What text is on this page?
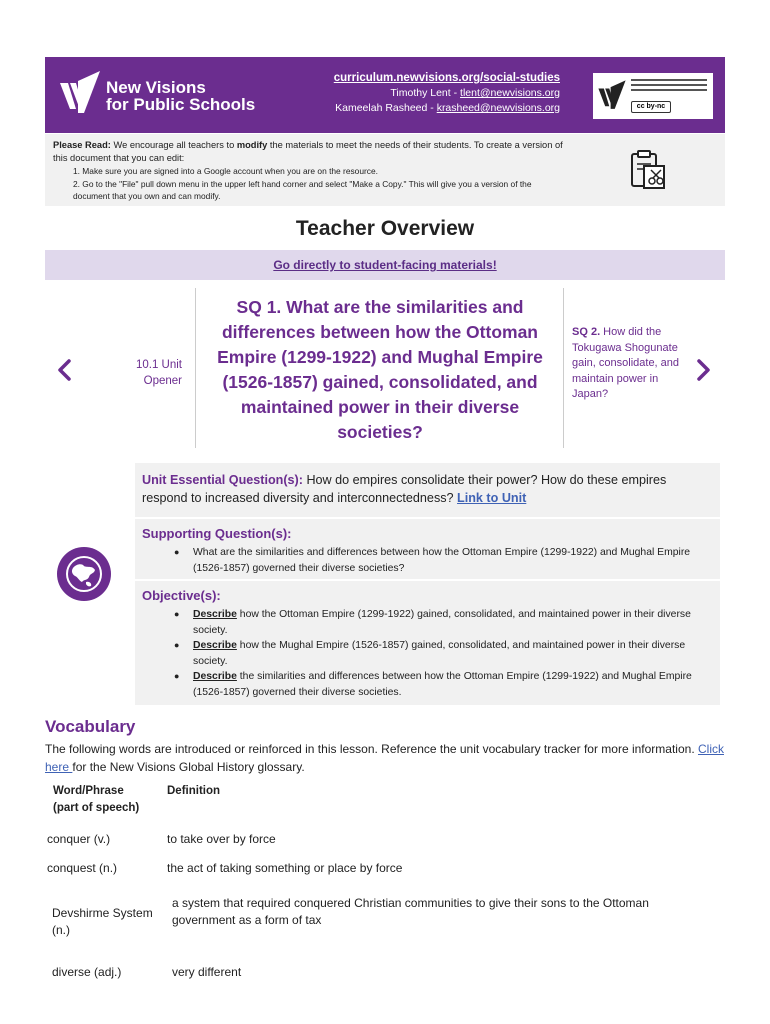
New Visions
for Public Schools
curriculum.newvisions.org/social-studies
Timothy Lent - tlent@newvisions.org
Kameelah Rasheed - krasheed@newvisions.org	cc by-nc
Please Read: We encourage all teachers to modify the materials to meet the needs of their students. To create a version of this document that you can edit:
1. Make sure you are signed into a Google account when you are on the resource.
2. Go to the "File" pull down menu in the upper left hand corner and select "Make a Copy." This will give you a version of the document that you own and can modify.
Teacher Overview
Go directly to student-facing materials!
10.1 Unit Opener
SQ 1. What are the similarities and differences between how the Ottoman Empire (1299-1922) and Mughal Empire (1526-1857) gained, consolidated, and maintained power in their diverse societies?
SQ 2. How did the Tokugawa Shogunate gain, consolidate, and maintain power in Japan?
Unit Essential Question(s): How do empires consolidate their power? How do these empires respond to increased diversity and interconnectedness? Link to Unit
Supporting Question(s):
● What are the similarities and differences between how the Ottoman Empire (1299-1922) and Mughal Empire (1526-1857) governed their diverse societies?
Objective(s):
● Describe how the Ottoman Empire (1299-1922) gained, consolidated, and maintained power in their diverse society.
● Describe how the Mughal Empire (1526-1857) gained, consolidated, and maintained power in their diverse society.
● Describe the similarities and differences between how the Ottoman Empire (1299-1922) and Mughal Empire (1526-1857) governed their diverse societies.
Vocabulary
The following words are introduced or reinforced in this lesson. Reference the unit vocabulary tracker for more information. Click here for the New Visions Global History glossary.
Word/Phrase
(part of speech)	Definition
conquer (v.)	to take over by force
conquest (n.)	the act of taking something or place by force
Devshirme System (n.)	a system that required conquered Christian communities to give their sons to the Ottoman government as a form of tax
diverse (adj.)	very different
